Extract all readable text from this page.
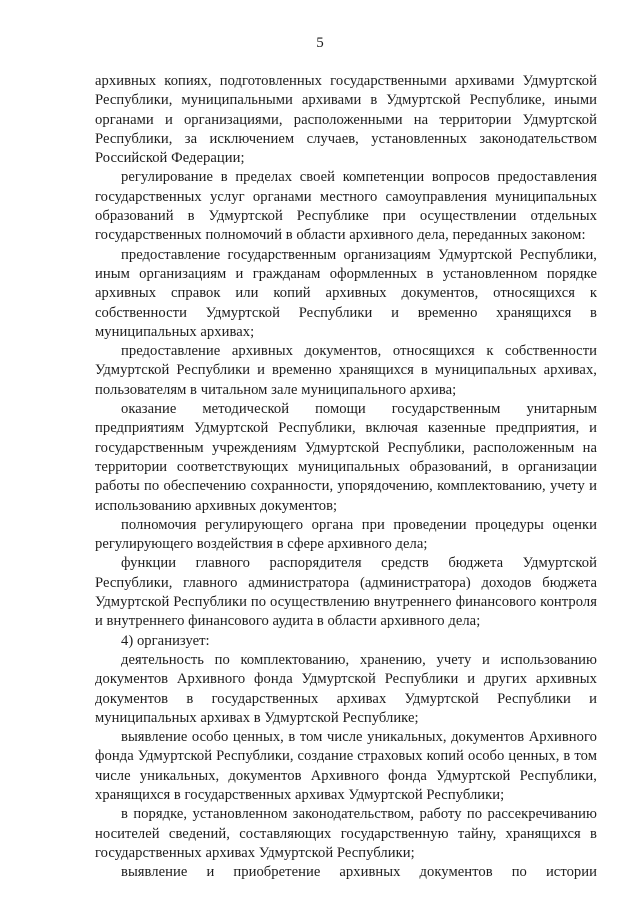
5

архивных копиях, подготовленных государственными архивами Удмуртской Республики, муниципальными архивами в Удмуртской Республике, иными органами и организациями, расположенными на территории Удмуртской Республики, за исключением случаев, установленных законодательством Российской Федерации;

регулирование в пределах своей компетенции вопросов предоставления государственных услуг органами местного самоуправления муниципальных образований в Удмуртской Республике при осуществлении отдельных государственных полномочий в области архивного дела, переданных законом:

предоставление государственным организациям Удмуртской Республики, иным организациям и гражданам оформленных в установленном порядке архивных справок или копий архивных документов, относящихся к собственности Удмуртской Республики и временно хранящихся в муниципальных архивах;

предоставление архивных документов, относящихся к собственности Удмуртской Республики и временно хранящихся в муниципальных архивах, пользователям в читальном зале муниципального архива;

оказание методической помощи государственным унитарным предприятиям Удмуртской Республики, включая казенные предприятия, и государственным учреждениям Удмуртской Республики, расположенным на территории соответствующих муниципальных образований, в организации работы по обеспечению сохранности, упорядочению, комплектованию, учету и использованию архивных документов;

полномочия регулирующего органа при проведении процедуры оценки регулирующего воздействия в сфере архивного дела;

функции главного распорядителя средств бюджета Удмуртской Республики, главного администратора (администратора) доходов бюджета Удмуртской Республики по осуществлению внутреннего финансового контроля и внутреннего финансового аудита в области архивного дела;

4) организует:

деятельность по комплектованию, хранению, учету и использованию документов Архивного фонда Удмуртской Республики и других архивных документов в государственных архивах Удмуртской Республики и муниципальных архивах в Удмуртской Республике;

выявление особо ценных, в том числе уникальных, документов Архивного фонда Удмуртской Республики, создание страховых копий особо ценных, в том числе уникальных, документов Архивного фонда Удмуртской Республики, хранящихся в государственных архивах Удмуртской Республики;

в порядке, установленном законодательством, работу по рассекречиванию носителей сведений, составляющих государственную тайну, хранящихся в государственных архивах Удмуртской Республики;

выявление и приобретение архивных документов по истории
